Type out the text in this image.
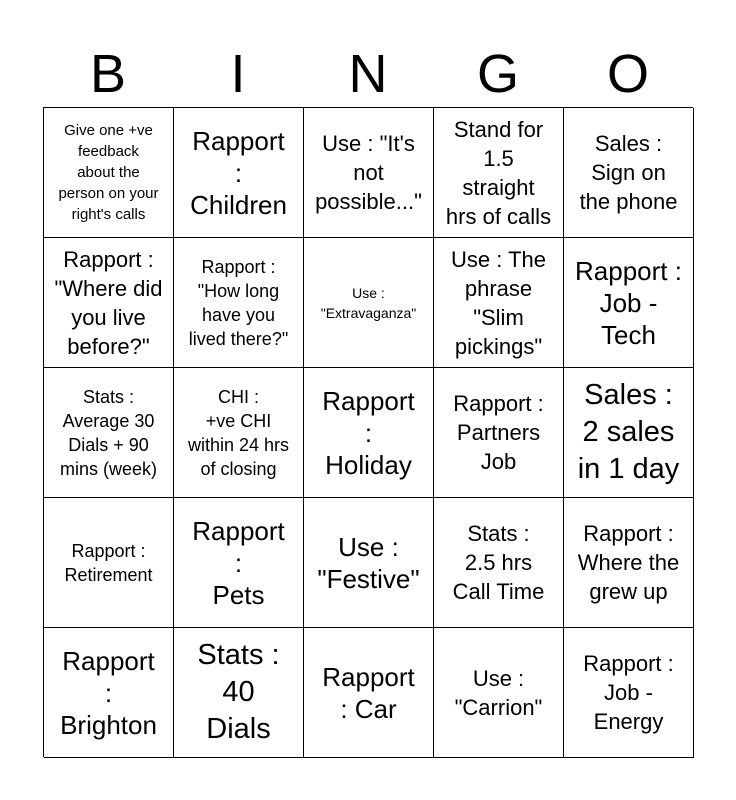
B	I	N	G	O
Give one +ve
feedback
about the
person on your
right's calls
Rapport
:
Children
Use : "It's
not
possible..."
Stand for
1.5
straight
hrs of calls
Sales :
Sign on
the phone
Rapport :
"Where did
you live
before?"
Rapport :
"How long
have you
lived there?"
Use :
"Extravaganza"
Use : The
phrase
"Slim
pickings"
Rapport :
Job -
Tech
Stats :
Average 30
Dials + 90
mins (week)
CHI :
+ve CHI
within 24 hrs
of closing
Rapport
:
Holiday
Rapport :
Partners
Job
Sales :
2 sales
in 1 day
Rapport :
Retirement
Rapport
:
Pets
Use :
"Festive"
Stats :
2.5 hrs
Call Time
Rapport :
Where the
grew up
Rapport
:
Brighton
Stats :
40
Dials
Rapport
: Car
Use :
"Carrion"
Rapport :
Job -
Energy
